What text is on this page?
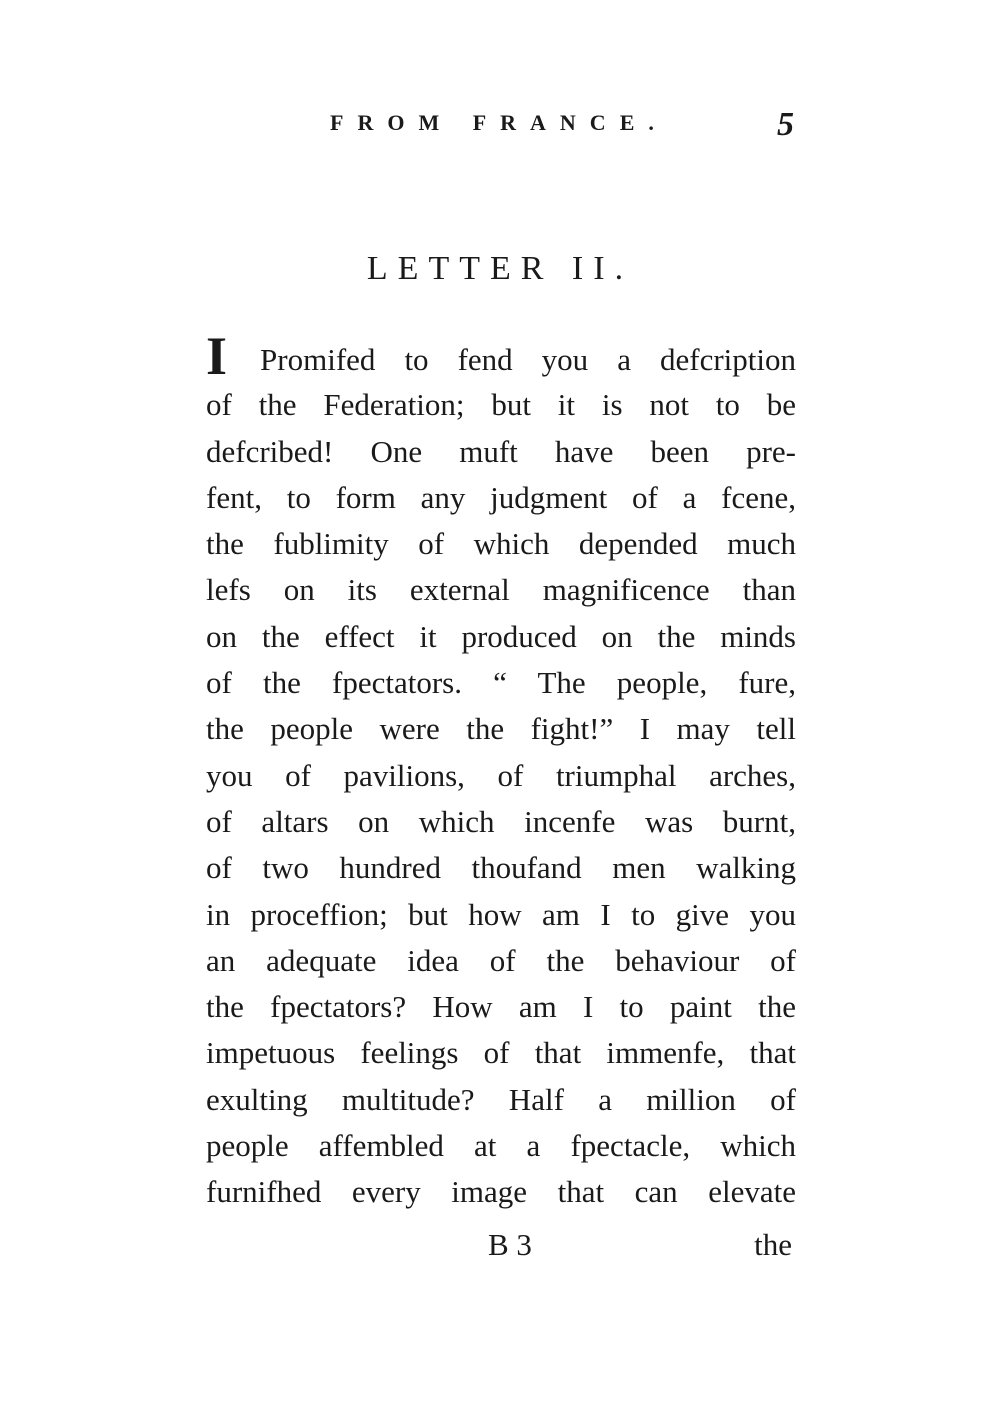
FROM FRANCE.	5
LETTER II.
I Promifed to fend you a defcription
of the Federation; but it is not to be
defcribed! One muft have been pre-
fent, to form any judgment of a fcene,
the fublimity of which depended much
lefs on its external magnificence than
on the effect it produced on the minds
of the fpectators. “ The people, fure,
the people were the fight!” I may tell
you of pavilions, of triumphal arches,
of altars on which incenfe was burnt,
of two hundred thoufand men walking
in proceffion; but how am I to give you
an adequate idea of the behaviour of
the fpectators? How am I to paint the
impetuous feelings of that immenfe, that
exulting multitude? Half a million of
people affembled at a fpectacle, which
furnifhed every image that can elevate
B 3	the
